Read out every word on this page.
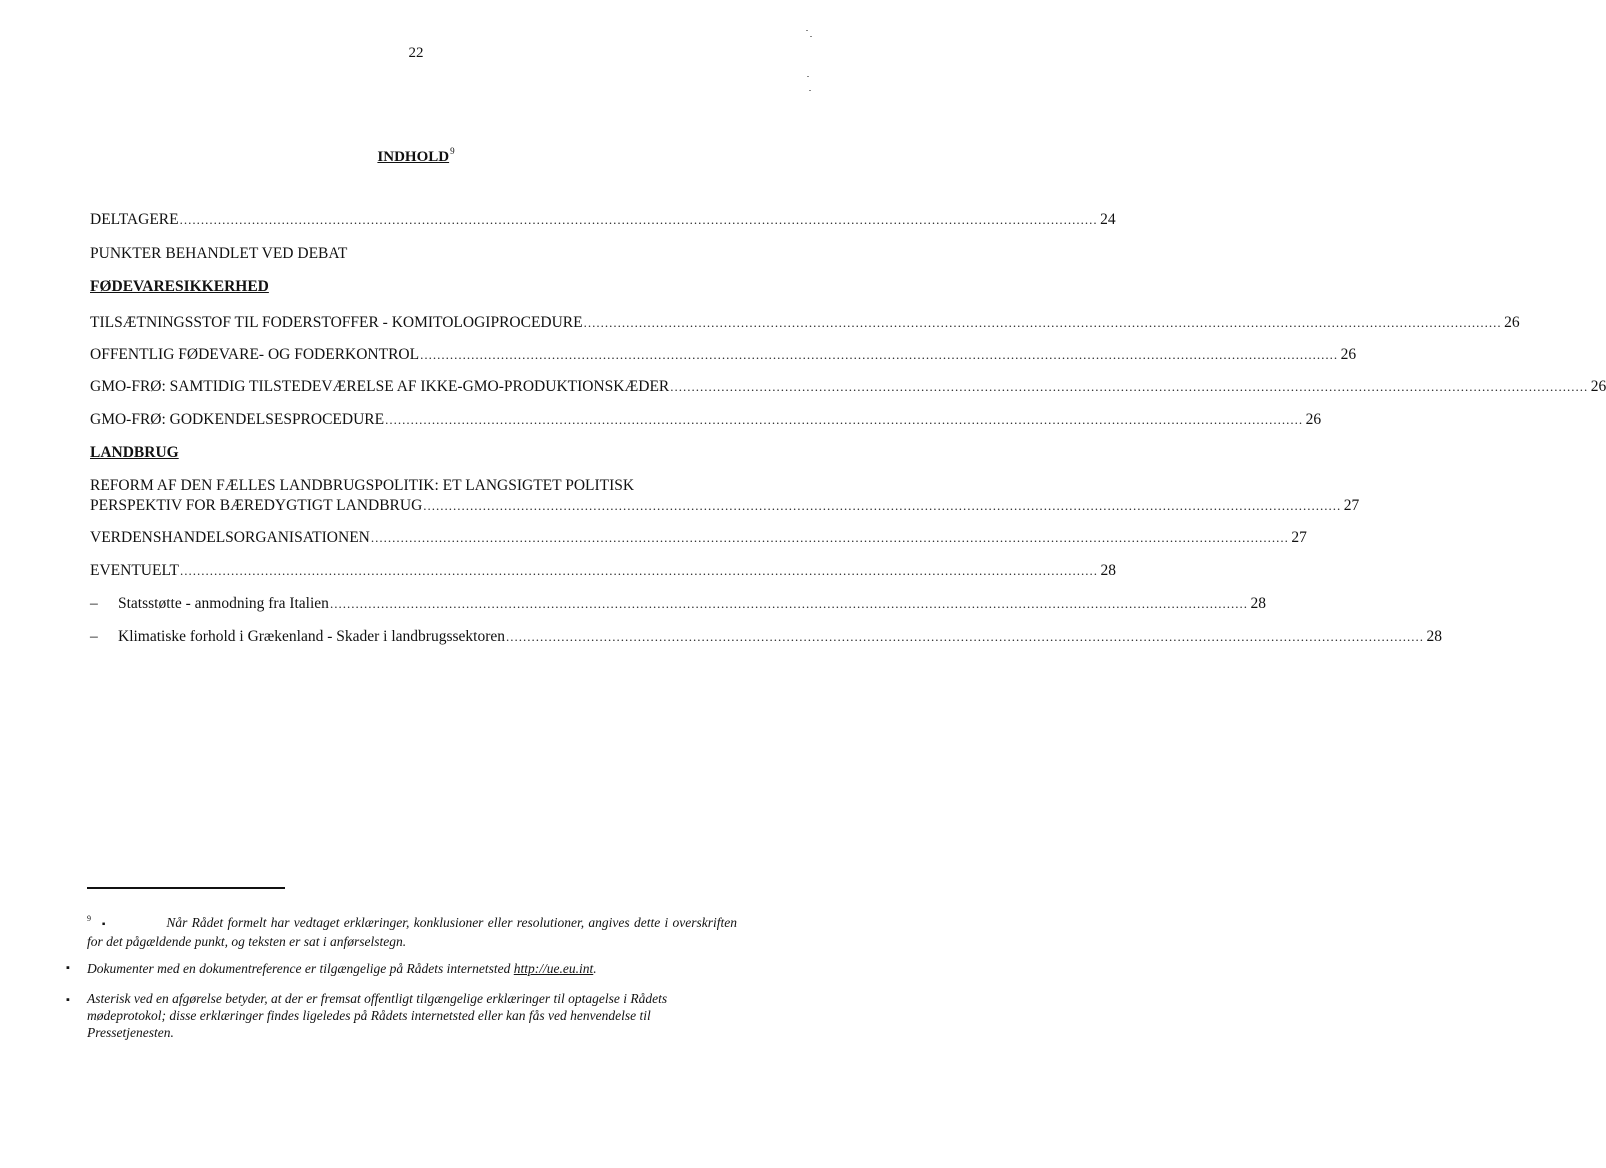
22
INDHOLD$^9$
DELTAGERE ........................................................................................................................................................................................................................ 24
PUNKTER BEHANDLET VED DEBAT
FØDEVARESIKKERHED
TILSÆTNINGSSTOF TIL FODERSTOFFER - KOMITOLOGIPROCEDURE ........................................................................................................................................................................................................................ 26
OFFENTLIG FØDEVARE- OG FODERKONTROL ........................................................................................................................................................................................................................ 26
GMO-FRØ: SAMTIDIG TILSTEDEVÆRELSE AF IKKE-GMO-PRODUKTIONSKÆDER ........................................................................................................................................................................................................................ 26
GMO-FRØ: GODKENDELSESPROCEDURE ........................................................................................................................................................................................................................ 26
LANDBRUG
REFORM AF DEN FÆLLES LANDBRUGSPOLITIK: ET LANGSIGTET POLITISK
PERSPEKTIV FOR BÆREDYGTIGT LANDBRUG ........................................................................................................................................................................................................................ 27
VERDENSHANDELSORGANISATIONEN ........................................................................................................................................................................................................................ 27
EVENTUELT ........................................................................................................................................................................................................................ 28
–	Statsstøtte - anmodning fra Italien ........................................................................................................................................................................................................................ 28
–	Klimatiske forhold i Grækenland - Skader i landbrugssektoren ........................................................................................................................................................................................................................ 28
$^9$▪	Når Rådet formelt har vedtaget erklæringer, konklusioner eller resolutioner, angives dette i overskriften for det pågældende punkt, og teksten er sat i anførselstegn.
▪ Dokumenter med en dokumentreference er tilgængelige på Rådets internetsted http://ue.eu.int.
▪ Asterisk ved en afgørelse betyder, at der er fremsat offentligt tilgængelige erklæringer til optagelse i Rådets mødeprotokol; disse erklæringer findes ligeledes på Rådets internetsted eller kan fås ved henvendelse til Pressetjenesten.
